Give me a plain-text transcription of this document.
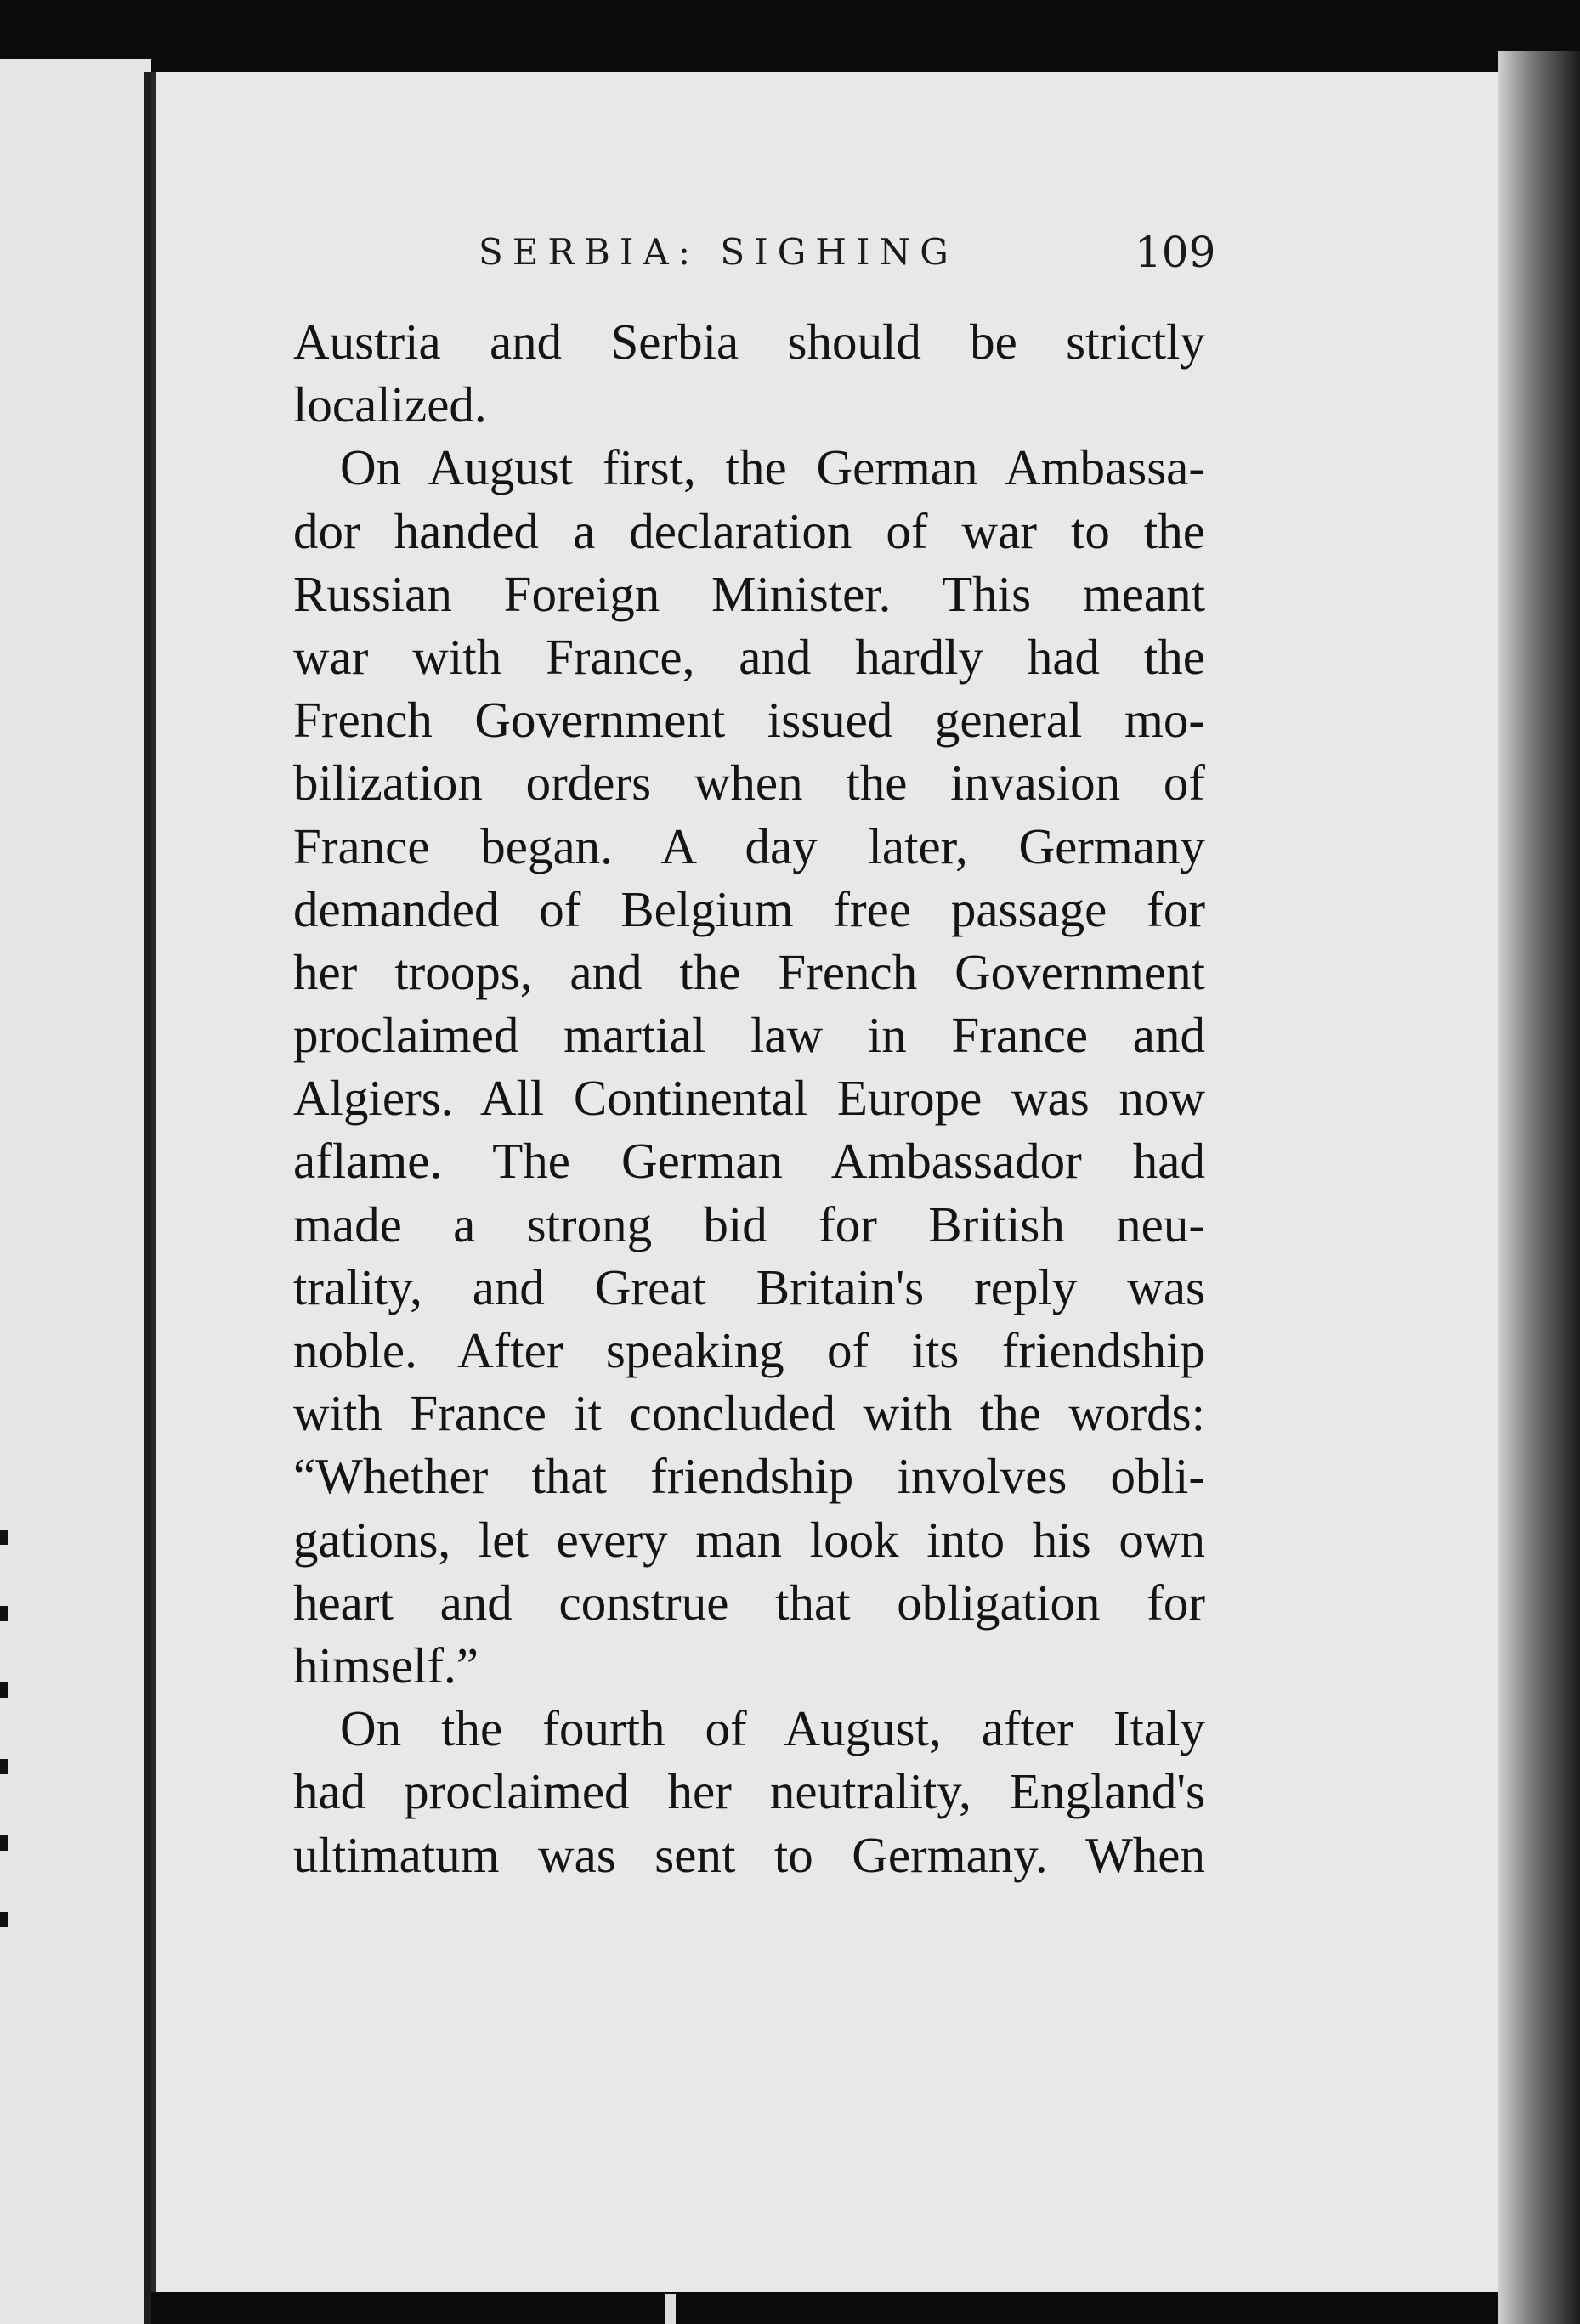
SERBIA: SIGHING	109
Austria and Serbia should be strictly
localized.
On August first, the German Ambassa-
dor handed a declaration of war to the
Russian Foreign Minister. This meant
war with France, and hardly had the
French Government issued general mo-
bilization orders when the invasion of
France began. A day later, Germany
demanded of Belgium free passage for
her troops, and the French Government
proclaimed martial law in France and
Algiers. All Continental Europe was now
aflame. The German Ambassador had
made a strong bid for British neu-
trality, and Great Britain's reply was
noble. After speaking of its friendship
with France it concluded with the words:
“Whether that friendship involves obli-
gations, let every man look into his own
heart and construe that obligation for
himself.”
On the fourth of August, after Italy
had proclaimed her neutrality, England's
ultimatum was sent to Germany. When
